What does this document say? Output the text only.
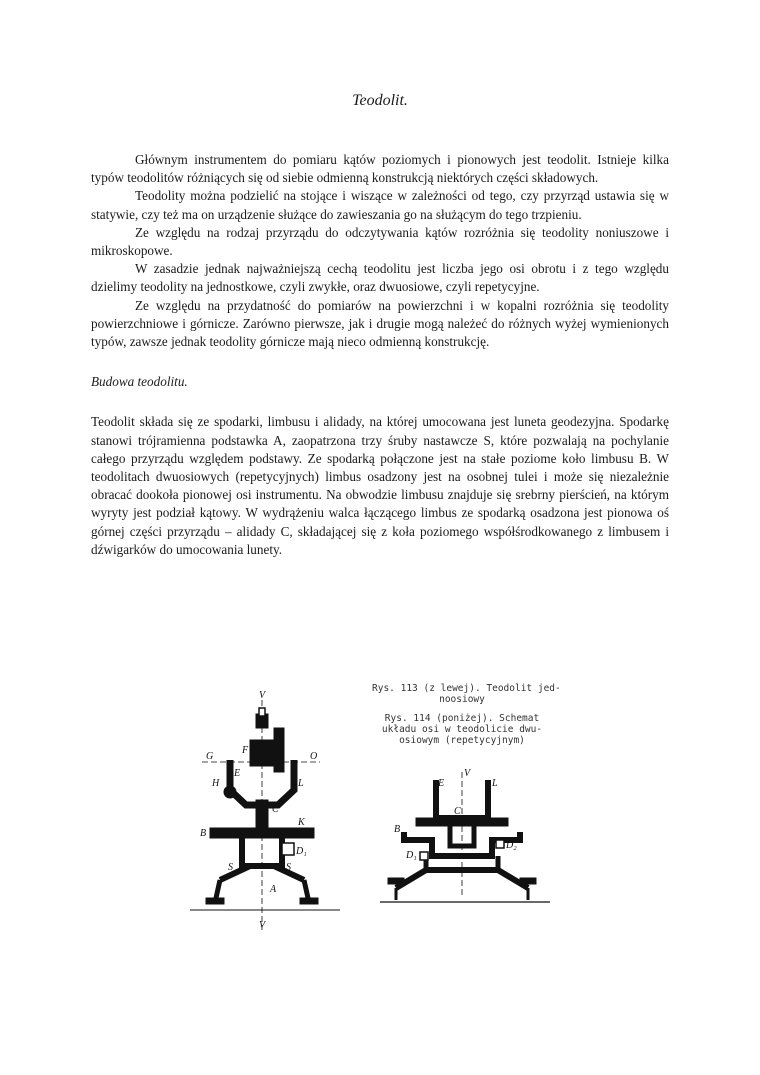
Teodolit.

Głównym instrumentem do pomiaru kątów poziomych i pionowych jest teodolit. Istnieje kilka typów teodolitów różniących się od siebie odmienną konstrukcją niektórych części składowych.

Teodolity można podzielić na stojące i wiszące w zależności od tego, czy przyrząd ustawia się w statywie, czy też ma on urządzenie służące do zawieszania go na służącym do tego trzpieniu.

Ze względu na rodzaj przyrządu do odczytywania kątów rozróżnia się teodolity noniuszowe i mikroskopowe.

W zasadzie jednak najważniejszą cechą teodolitu jest liczba jego osi obrotu i z tego względu dzielimy teodolity na jednostkowe, czyli zwykłe, oraz dwuosiowe, czyli repetycyjne.

Ze względu na przydatność do pomiarów na powierzchni i w kopalni rozróżnia się teodolity powierzchniowe i górnicze. Zarówno pierwsze, jak i drugie mogą należeć do różnych wyżej wymienionych typów, zawsze jednak teodolity górnicze mają nieco odmienną konstrukcję.

Budowa teodolitu.

Teodolit składa się ze spodarki, limbusu i alidady, na której umocowana jest luneta geodezyjna. Spodarkę stanowi trójramienna podstawka A, zaopatrzona trzy śruby nastawcze S, które pozwalają na pochylanie całego przyrządu względem podstawy. Ze spodarką połączone jest na stałe poziome koło limbusu B. W teodolitach dwuosiowych (repetycyjnych) limbus osadzony jest na osobnej tulei i może się niezależnie obracać dookoła pionowej osi instrumentu. Na obwodzie limbusu znajduje się srebrny pierścień, na którym wyryty jest podział kątowy. W wydrążeniu walca łączącego limbus ze spodarką osadzona jest pionowa oś górnej części przyrządu – alidady C, składającej się z koła poziomego współśrodkowanego z limbusem i dźwigarków do umocowania lunety.

Rys. 113 (z lewej). Teodolit jed-
noosiowy
Rys. 114 (poniżej). Schemat
układu osi w teodolicie dwu-
osiowym (repetycyjnym)
V
G
F
O
H
E
L
C
B
K
D₁
S	S
A
V
V
E	L
C
B
D₁
D₂
